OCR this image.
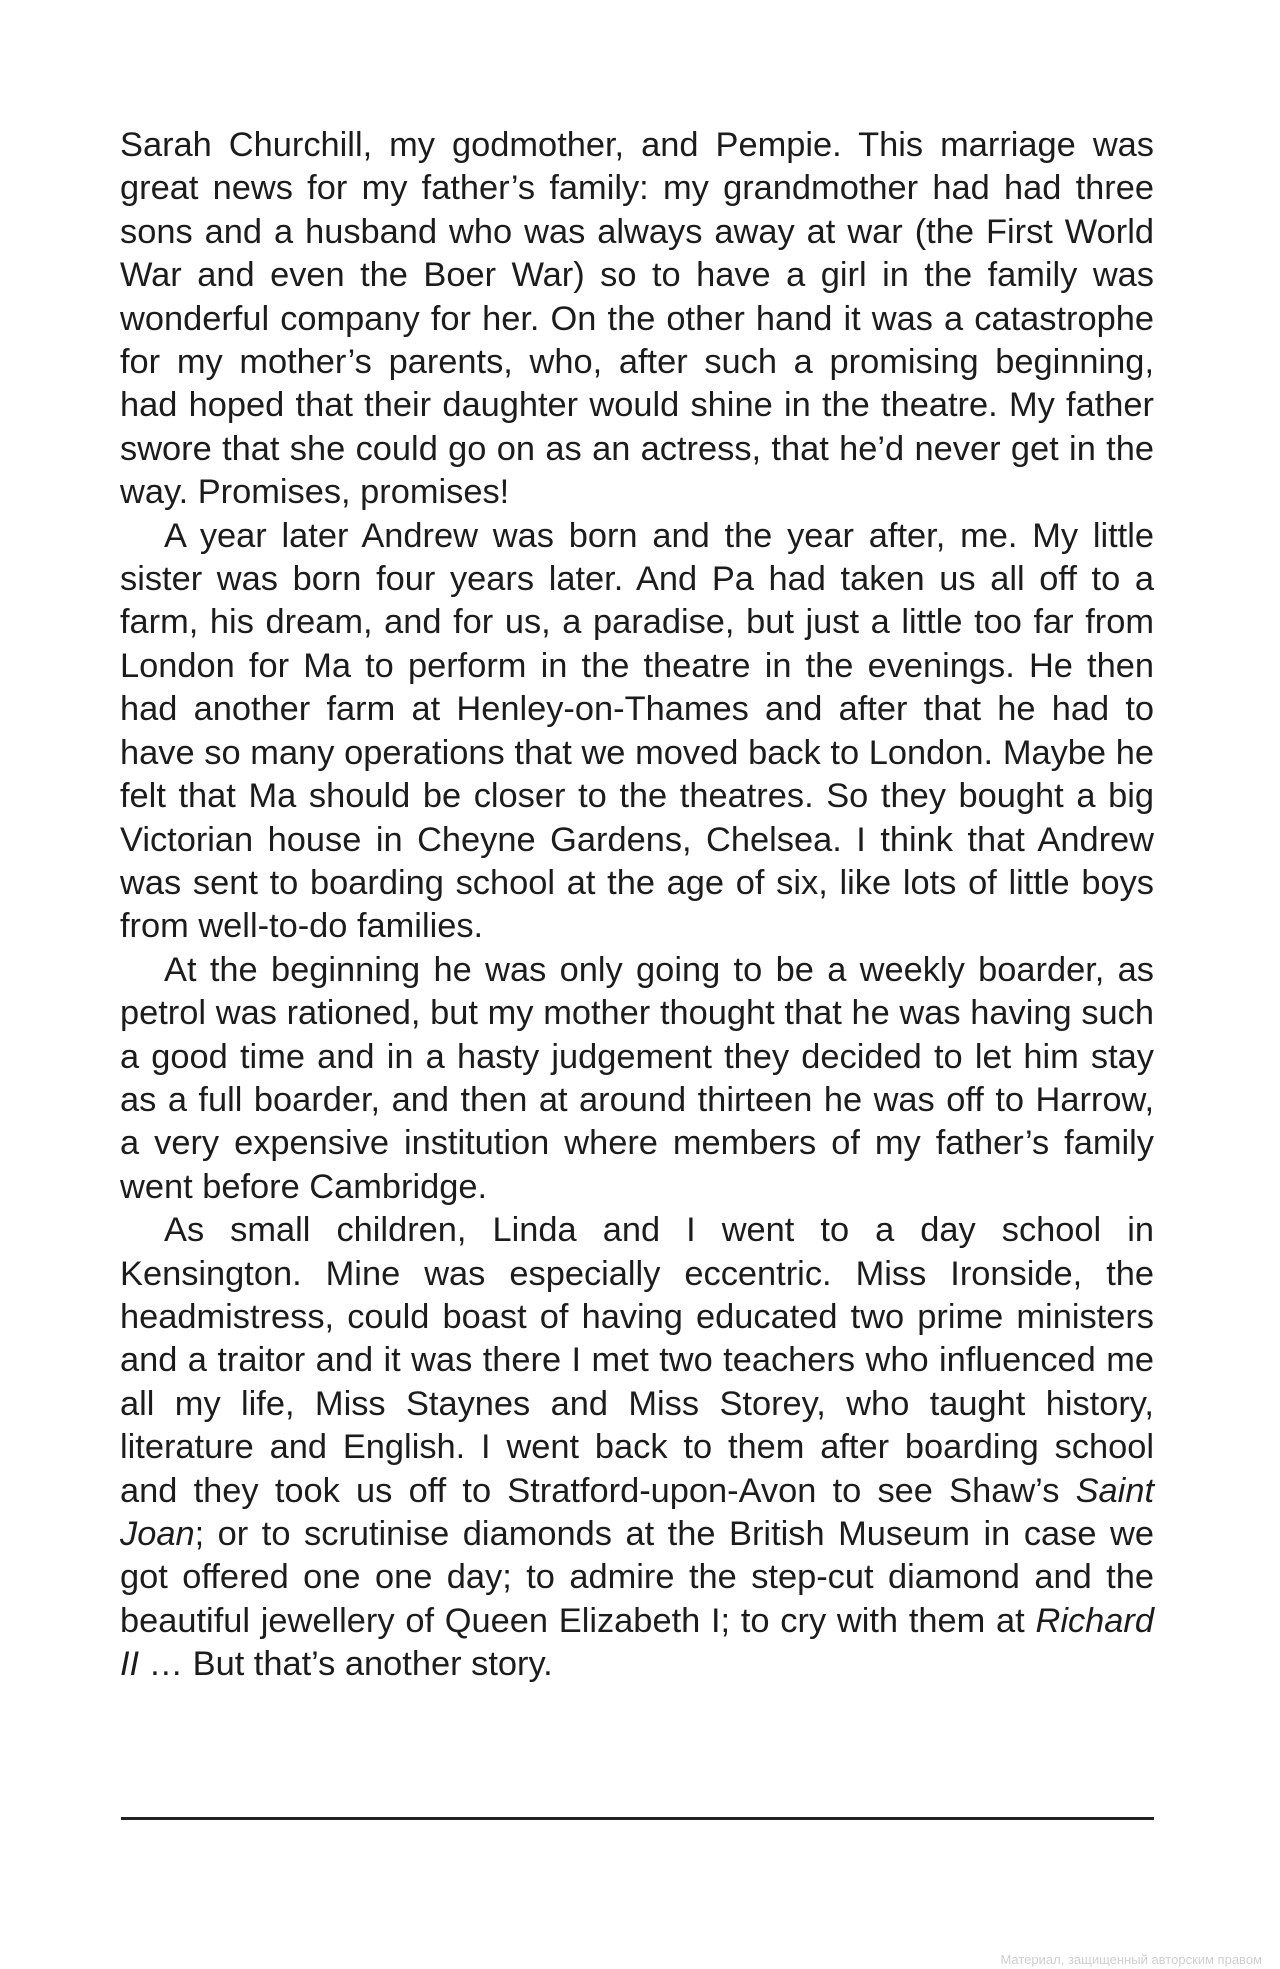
Sarah Churchill, my godmother, and Pempie. This marriage was great news for my father’s family: my grandmother had had three sons and a husband who was always away at war (the First World War and even the Boer War) so to have a girl in the family was wonderful company for her. On the other hand it was a catastrophe for my mother’s parents, who, after such a promising beginning, had hoped that their daughter would shine in the theatre. My father swore that she could go on as an actress, that he’d never get in the way. Promises, promises!

A year later Andrew was born and the year after, me. My little sister was born four years later. And Pa had taken us all off to a farm, his dream, and for us, a paradise, but just a little too far from London for Ma to perform in the theatre in the evenings. He then had another farm at Henley-on-Thames and after that he had to have so many operations that we moved back to London. Maybe he felt that Ma should be closer to the theatres. So they bought a big Victorian house in Cheyne Gardens, Chelsea. I think that Andrew was sent to boarding school at the age of six, like lots of little boys from well-to-do families.

At the beginning he was only going to be a weekly boarder, as petrol was rationed, but my mother thought that he was having such a good time and in a hasty judgement they decided to let him stay as a full boarder, and then at around thirteen he was off to Harrow, a very expensive institution where members of my father’s family went before Cambridge.

As small children, Linda and I went to a day school in Kensington. Mine was especially eccentric. Miss Ironside, the headmistress, could boast of having educated two prime ministers and a traitor and it was there I met two teachers who influenced me all my life, Miss Staynes and Miss Storey, who taught history, literature and English. I went back to them after boarding school and they took us off to Stratford-upon-Avon to see Shaw’s Saint Joan; or to scrutinise diamonds at the British Museum in case we got offered one one day; to admire the step-cut diamond and the beautiful jewellery of Queen Elizabeth I; to cry with them at Richard II … But that’s another story.

Материал, защищенный авторским правом
